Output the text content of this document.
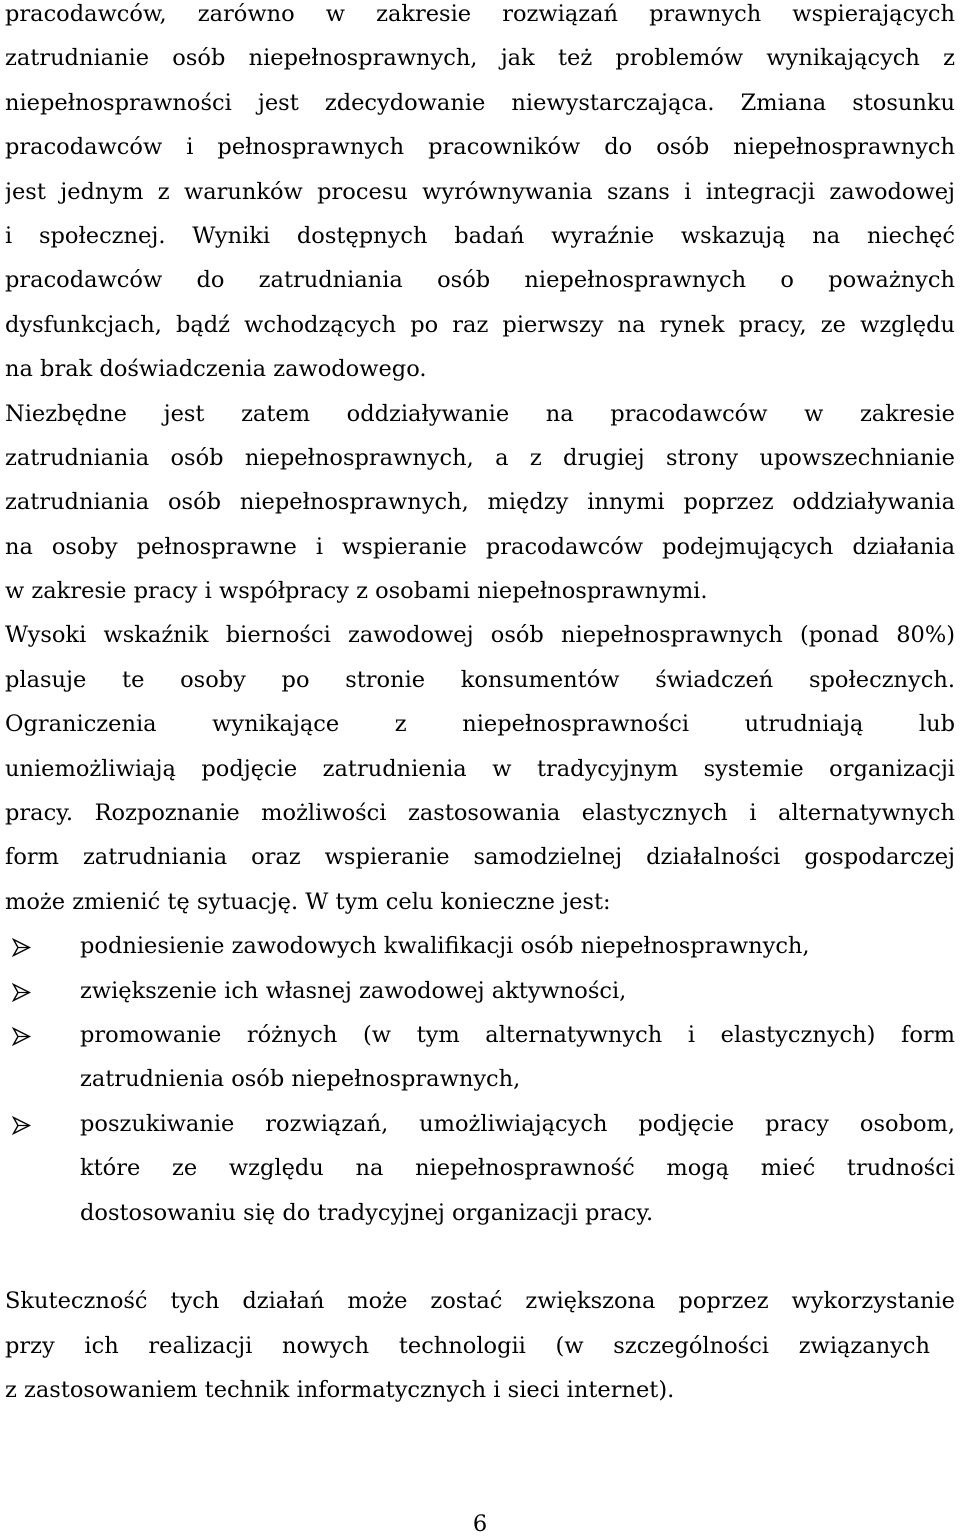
pracodawców, zarówno w zakresie rozwiązań prawnych wspierających
zatrudnianie osób niepełnosprawnych, jak też problemów wynikających z
niepełnosprawności jest zdecydowanie niewystarczająca. Zmiana stosunku
pracodawców i pełnosprawnych pracowników do osób niepełnosprawnych
jest jednym z warunków procesu wyrównywania szans i integracji zawodowej
i społecznej. Wyniki dostępnych badań wyraźnie wskazują na niechęć
pracodawców do zatrudniania osób niepełnosprawnych o poważnych
dysfunkcjach, bądź wchodzących po raz pierwszy na rynek pracy, ze względu
na brak doświadczenia zawodowego.
Niezbędne jest zatem oddziaływanie na pracodawców w zakresie
zatrudniania osób niepełnosprawnych, a z drugiej strony upowszechnianie
zatrudniania osób niepełnosprawnych, między innymi poprzez oddziaływania
na osoby pełnosprawne i wspieranie pracodawców podejmujących działania
w zakresie pracy i współpracy z osobami niepełnosprawnymi.
Wysoki wskaźnik bierności zawodowej osób niepełnosprawnych (ponad 80%)
plasuje te osoby po stronie konsumentów świadczeń społecznych.
Ograniczenia wynikające z niepełnosprawności utrudniają lub
uniemożliwiają podjęcie zatrudnienia w tradycyjnym systemie organizacji
pracy. Rozpoznanie możliwości zastosowania elastycznych i alternatywnych
form zatrudniania oraz wspieranie samodzielnej działalności gospodarczej
może zmienić tę sytuację. W tym celu konieczne jest:
podniesienie zawodowych kwalifikacji osób niepełnosprawnych,
zwiększenie ich własnej zawodowej aktywności,
promowanie różnych (w tym alternatywnych i elastycznych) form
zatrudnienia osób niepełnosprawnych,
poszukiwanie rozwiązań, umożliwiających podjęcie pracy osobom,
które ze względu na niepełnosprawność mogą mieć trudności
dostosowaniu się do tradycyjnej organizacji pracy.
Skuteczność tych działań może zostać zwiększona poprzez wykorzystanie
przy ich realizacji nowych technologii (w szczególności związanych
z zastosowaniem technik informatycznych i sieci internet).
6
